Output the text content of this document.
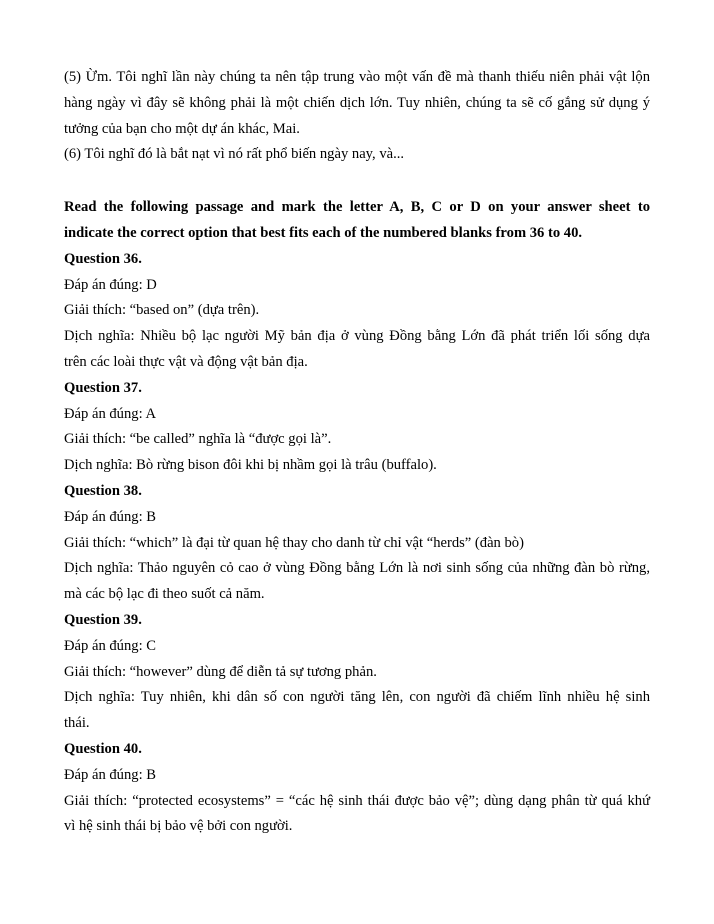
(5) Ừm. Tôi nghĩ lần này chúng ta nên tập trung vào một vấn đề mà thanh thiếu niên phải vật lộn
hàng ngày vì đây sẽ không phải là một chiến dịch lớn. Tuy nhiên, chúng ta sẽ cố gắng sử dụng ý
tưởng của bạn cho một dự án khác, Mai.
(6) Tôi nghĩ đó là bắt nạt vì nó rất phổ biến ngày nay, và...
Read the following passage and mark the letter A, B, C or D on your answer sheet to
indicate the correct option that best fits each of the numbered blanks from 36 to 40.
Question 36.
Đáp án đúng: D
Giải thích: “based on” (dựa trên).
Dịch nghĩa: Nhiều bộ lạc người Mỹ bản địa ở vùng Đồng bằng Lớn đã phát triển lối sống dựa
trên các loài thực vật và động vật bản địa.
Question 37.
Đáp án đúng: A
Giải thích: “be called” nghĩa là “được gọi là”.
Dịch nghĩa: Bò rừng bison đôi khi bị nhầm gọi là trâu (buffalo).
Question 38.
Đáp án đúng: B
Giải thích: “which” là đại từ quan hệ thay cho danh từ chỉ vật “herds” (đàn bò)
Dịch nghĩa: Thảo nguyên cỏ cao ở vùng Đồng bằng Lớn là nơi sinh sống của những đàn bò rừng,
mà các bộ lạc đi theo suốt cả năm.
Question 39.
Đáp án đúng: C
Giải thích: “however” dùng để diễn tả sự tương phản.
Dịch nghĩa: Tuy nhiên, khi dân số con người tăng lên, con người đã chiếm lĩnh nhiều hệ sinh
thái.
Question 40.
Đáp án đúng: B
Giải thích: “protected ecosystems” = “các hệ sinh thái được bảo vệ”; dùng dạng phân từ quá khứ
vì hệ sinh thái bị bảo vệ bởi con người.
